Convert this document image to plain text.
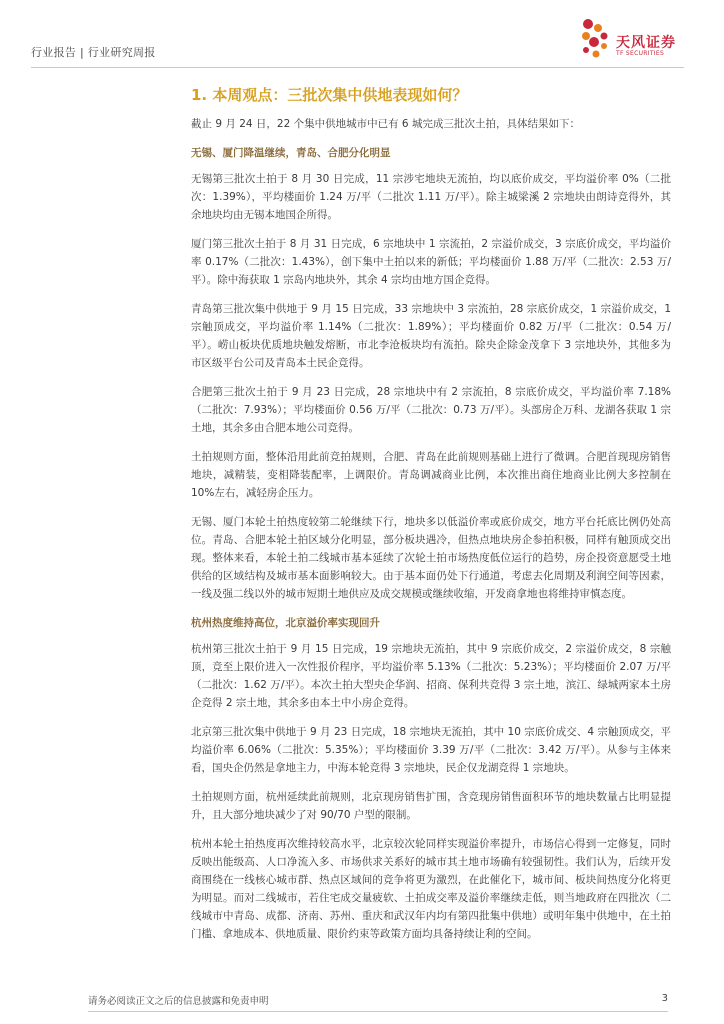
行业报告 | 行业研究周报
天风证券
TF SECURITIES
1. 本周观点：三批次集中供地表现如何？

截止 9 月 24 日，22 个集中供地城市中已有 6 城完成三批次土拍，具体结果如下：

无锡、厦门降温继续，青岛、合肥分化明显

无锡第三批次土拍于 8 月 30 日完成，11 宗涉宅地块无流拍，均以底价成交，平均溢价率 0%（二批次：1.39%），平均楼面价 1.24 万/平（二批次 1.11 万/平）。除主城梁溪 2 宗地块由朗诗竞得外，其余地块均由无锡本地国企所得。

厦门第三批次土拍于 8 月 31 日完成，6 宗地块中 1 宗流拍，2 宗溢价成交，3 宗底价成交，平均溢价率 0.17%（二批次：1.43%），创下集中土拍以来的新低；平均楼面价 1.88 万/平（二批次：2.53 万/平）。除中海获取 1 宗岛内地块外，其余 4 宗均由地方国企竞得。

青岛第三批次集中供地于 9 月 15 日完成，33 宗地块中 3 宗流拍，28 宗底价成交，1 宗溢价成交，1 宗触顶成交，平均溢价率 1.14%（二批次：1.89%）；平均楼面价 0.82 万/平（二批次：0.54 万/平）。崂山板块优质地块触发熔断，市北李沧板块均有流拍。除央企除金茂拿下 3 宗地块外，其他多为市区级平台公司及青岛本土民企竞得。

合肥第三批次土拍于 9 月 23 日完成，28 宗地块中有 2 宗流拍，8 宗底价成交，平均溢价率 7.18%（二批次：7.93%）；平均楼面价 0.56 万/平（二批次：0.73 万/平）。头部房企万科、龙湖各获取 1 宗土地，其余多由合肥本地公司竞得。

土拍规则方面，整体沿用此前竞拍规则，合肥、青岛在此前规则基础上进行了微调。合肥首现现房销售地块，减精装，变相降装配率，上调限价。青岛调减商业比例，本次推出商住地商业比例大多控制在 10%左右，减轻房企压力。

无锡、厦门本轮土拍热度较第二轮继续下行，地块多以低溢价率或底价成交，地方平台托底比例仍处高位。青岛、合肥本轮土拍区域分化明显，部分板块遇冷，但热点地块房企参拍积极，同样有触顶成交出现。整体来看，本轮土拍二线城市基本延续了次轮土拍市场热度低位运行的趋势，房企投资意愿受土地供给的区域结构及城市基本面影响较大。由于基本面仍处下行通道，考虑去化周期及利润空间等因素，一线及强二线以外的城市短期土地供应及成交规模或继续收缩，开发商拿地也将维持审慎态度。

杭州热度维持高位，北京溢价率实现回升

杭州第三批次土拍于 9 月 15 日完成，19 宗地块无流拍，其中 9 宗底价成交，2 宗溢价成交，8 宗触顶，竞至上限价进入一次性报价程序，平均溢价率 5.13%（二批次：5.23%）；平均楼面价 2.07 万/平（二批次：1.62 万/平）。本次土拍大型央企华润、招商、保利共竞得 3 宗土地，滨江、绿城两家本土房企竞得 2 宗土地，其余多由本土中小房企竞得。

北京第三批次集中供地于 9 月 23 日完成，18 宗地块无流拍，其中 10 宗底价成交、4 宗触顶成交，平均溢价率 6.06%（二批次：5.35%）；平均楼面价 3.39 万/平（二批次：3.42 万/平）。从参与主体来看，国央企仍然是拿地主力，中海本轮竞得 3 宗地块，民企仅龙湖竞得 1 宗地块。

土拍规则方面，杭州延续此前规则，北京现房销售扩围，含竞现房销售面积环节的地块数量占比明显提升，且大部分地块减少了对 90/70 户型的限制。

杭州本轮土拍热度再次维持较高水平，北京较次轮同样实现溢价率提升，市场信心得到一定修复，同时反映出能级高、人口净流入多、市场供求关系好的城市其土地市场确有较强韧性。我们认为，后续开发商围绕在一线核心城市群、热点区域间的竞争将更为激烈，在此催化下，城市间、板块间热度分化将更为明显。而对二线城市，若住宅成交量疲软、土拍成交率及溢价率继续走低，则当地政府在四批次（二线城市中青岛、成都、济南、苏州、重庆和武汉年内均有第四批集中供地）或明年集中供地中，在土拍门槛、拿地成本、供地质量、限价约束等政策方面均具备持续让利的空间。

请务必阅读正文之后的信息披露和免责申明	3
